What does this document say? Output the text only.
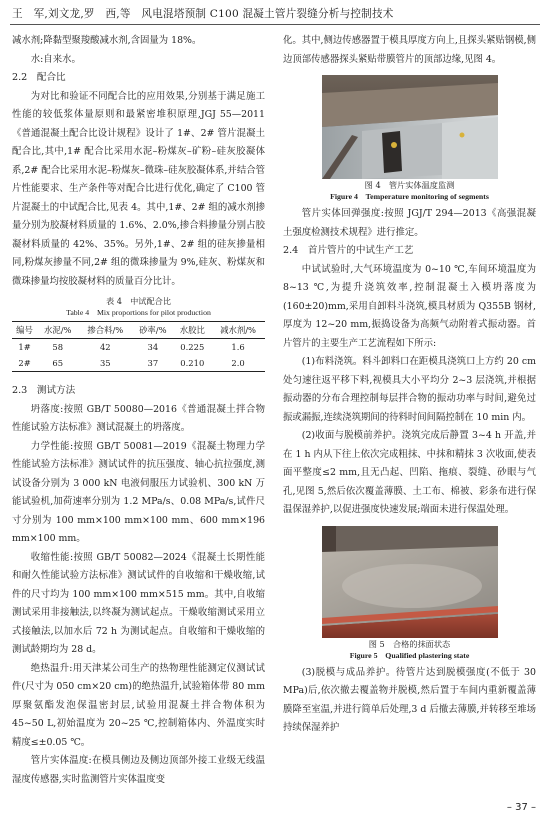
王　军,刘文龙,罗　西,等　风电混塔预制 C100 混凝土管片裂缝分析与控制技术

减水剂;降黏型聚羧酸减水剂,含固量为 18%。

水:自来水。

2.2　配合比

为对比和验证不同配合比的应用效果,分别基于满足施工性能的较低浆体量原则和最紧密堆积原理,JGJ 55—2011《普通混凝土配合比设计规程》设计了 1#、2# 管片混凝土配合比,其中,1# 配合比采用水泥–粉煤灰–矿粉–硅灰胶凝体系,2# 配合比采用水泥–粉煤灰–微珠–硅灰胶凝体系,并结合管片性能要求、生产条件等对配合比进行优化,确定了 C100 管片混凝土的中试配合比,见表 4。其中,1#、2# 组的减水剂掺量分别为胶凝材料质量的 1.6%、2.0%,掺合料掺量分别占胶凝材料质量的 42%、35%。另外,1#、2# 组的硅灰掺量相同,粉煤灰掺量不同,2# 组的微珠掺量为 9%,硅灰、粉煤灰和微珠掺量均按胶凝材料的质量百分比计。

表 4　中试配合比

Table 4　Mix proportions for pilot production

编号	水泥/%	掺合料/%	砂率/%	水胶比	减水剂/%
1#	58	42	34	0.225	1.6
2#	65	35	37	0.210	2.0

2.3　测试方法

坍落度:按照 GB/T 50080—2016《普通混凝土拌合物性能试验方法标准》测试混凝土的坍落度。

力学性能:按照 GB/T 50081—2019《混凝土物理力学性能试验方法标准》测试试件的抗压强度、轴心抗拉强度,测试设备分别为 3 000 kN 电液伺服压力试验机、300 kN 万能试验机,加荷速率分别为 1.2 MPa/s、0.08 MPa/s,试件尺寸分别为 100 mm×100 mm×100 mm、600 mm×196 mm×100 mm。

收缩性能:按照 GB/T 50082—2024《混凝土长期性能和耐久性能试验方法标准》测试试件的自收缩和干燥收缩,试件的尺寸均为 100 mm×100 mm×515 mm。其中,自收缩测试采用非接触法,以终凝为测试起点。干燥收缩测试采用立式接触法,以加水后 72 h 为测试起点。自收缩和干燥收缩的测试龄期均为 28 d。

绝热温升:用天津某公司生产的热物理性能测定仪测试试件(尺寸为 050 cm×20 cm)的绝热温升,试验箱体带 80 mm 厚聚氨酯发泡保温密封层,试验用混凝土拌合物体积为 45~50 L,初始温度为 20~25 ℃,控制箱体内、外温度实时精度≤±0.05 ℃。

管片实体温度:在模具侧边及侧边顶部外接工业级无线温湿度传感器,实时监测管片实体温度变

化。其中,侧边传感器置于模具厚度方向上,且探头紧贴钢模,侧边顶部传感器探头紧贴带膜管片的顶部边缘,见图 4。

图 4　管片实体温度监测

Figure 4　Temperature monitoring of segments

管片实体回弹强度:按照 JGJ/T 294—2013《高强混凝土强度检测技术规程》进行推定。

2.4　首片管片的中试生产工艺

中试试验时,大气环境温度为 0~10 ℃,车间环境温度为 8~13 ℃,为提升浇筑效率,控制混凝土入模坍落度为(160±20)mm,采用自卸料斗浇筑,模具材质为 Q355B 钢材,厚度为 12~20 mm,振捣设备为高频气动附着式振动器。首片管片的主要生产工艺流程如下所示:

(1)布料浇筑。料斗卸料口在距模具浇筑口上方约 20 cm 处匀速往返平移下料,视模具大小平均分 2~3 层浇筑,并根据振动器的分布合理控制每层拌合物的振动功率与时间,避免过振或漏振,连续浇筑期间的待料时间间隔控制在 10 min 内。

(2)收面与脱模前养护。浇筑完成后静置 3~4 h 开盖,并在 1 h 内从下往上依次完成粗抹、中抹和精抹 3 次收面,使表面平整度≤2 mm,且无凸起、凹陷、拖痕、裂缝、砂眼与气孔,见图 5,然后依次覆盖薄膜、土工布、棉被、彩条布进行保温保湿养护,以促进强度快速发展;端面未进行保温处理。

图 5　合格的抹面状态

Figure 5　Qualified plastering state

(3)脱模与成品养护。待管片达到脱模强度(不低于 30 MPa)后,依次撤去覆盖物并脱模,然后置于车间内重新覆盖薄膜降至室温,并进行简单后处理,3 d 后撤去薄膜,并转移至堆场持续保湿养护

– 37 –
